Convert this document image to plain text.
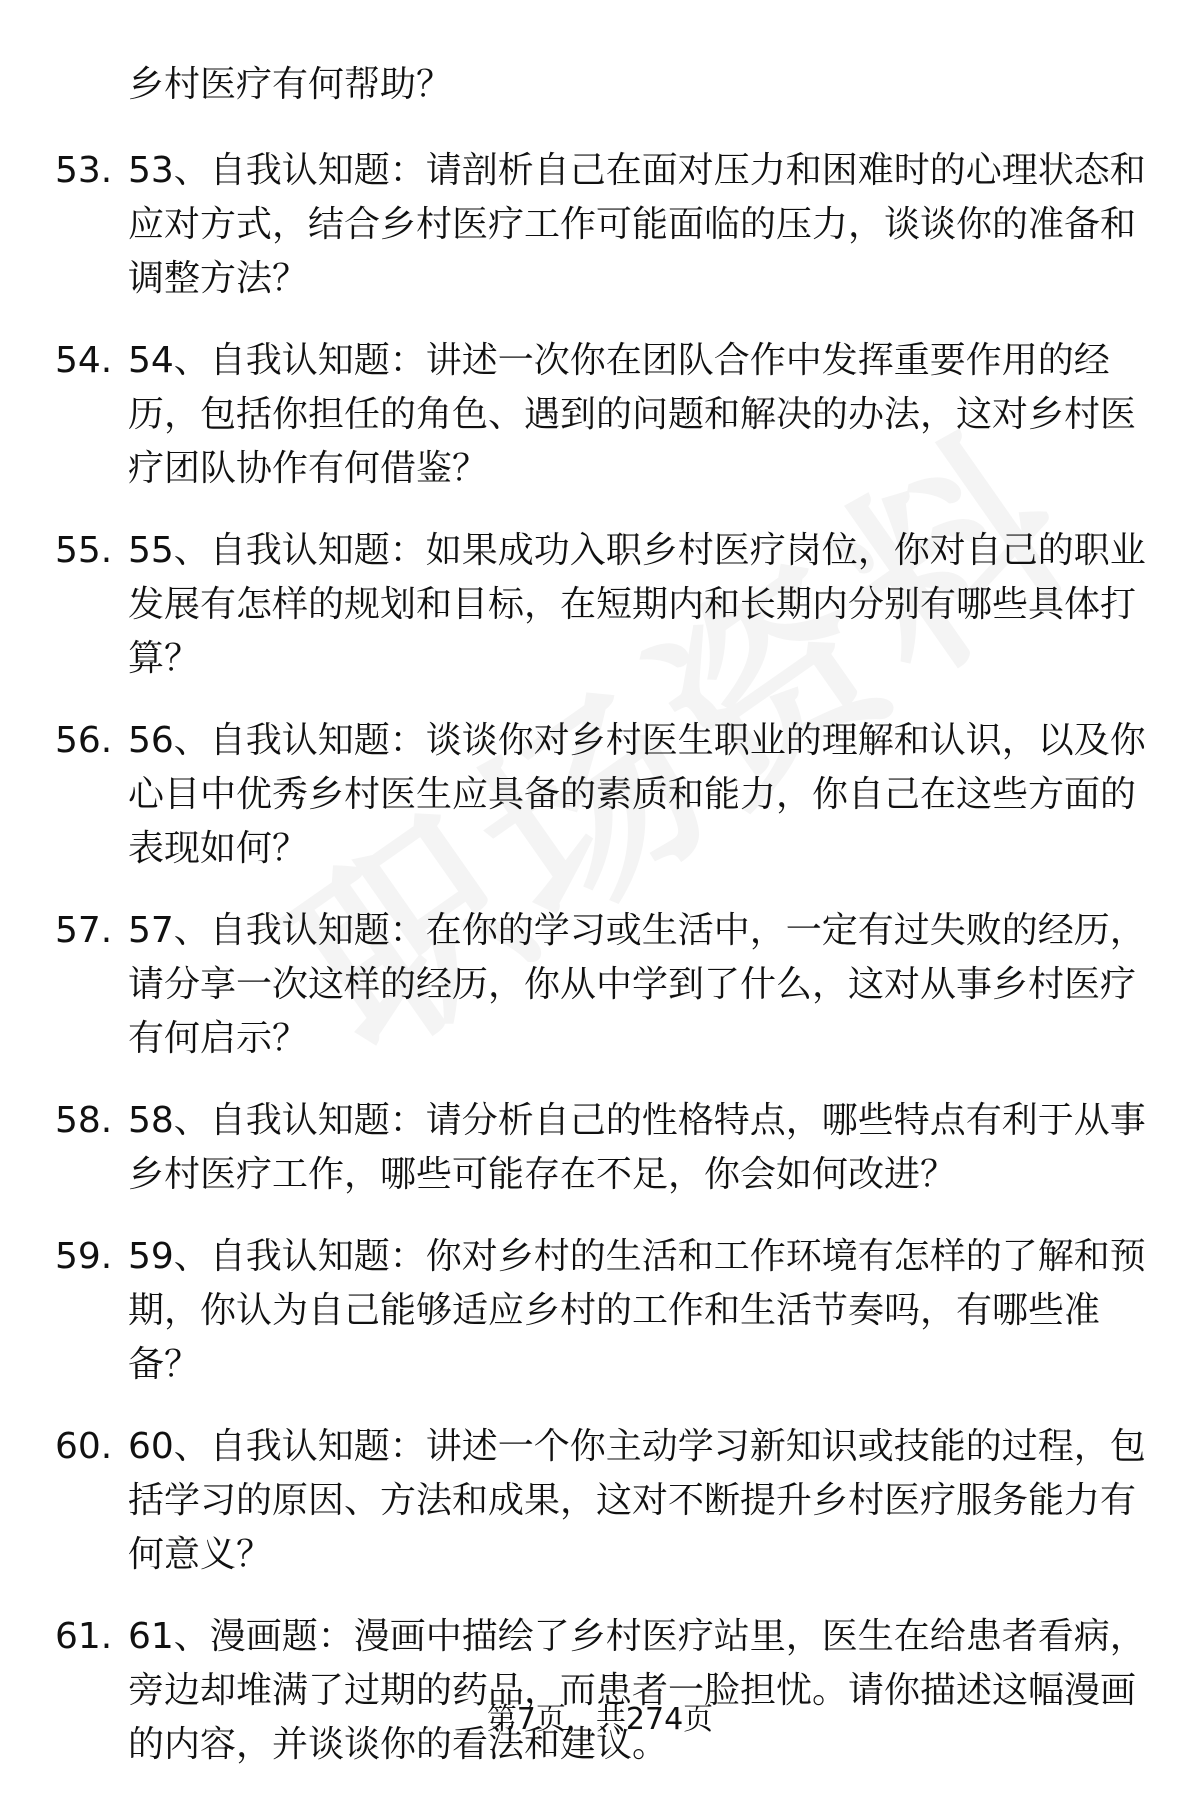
乡村医疗有何帮助？
53. 53、自我认知题：请剖析自己在面对压力和困难时的心理状态和应对方式，结合乡村医疗工作可能面临的压力，谈谈你的准备和调整方法？
54. 54、自我认知题：讲述一次你在团队合作中发挥重要作用的经历，包括你担任的角色、遇到的问题和解决的办法，这对乡村医疗团队协作有何借鉴？
55. 55、自我认知题：如果成功入职乡村医疗岗位，你对自己的职业发展有怎样的规划和目标，在短期内和长期内分别有哪些具体打算？
56. 56、自我认知题：谈谈你对乡村医生职业的理解和认识，以及你心目中优秀乡村医生应具备的素质和能力，你自己在这些方面的表现如何？
57. 57、自我认知题：在你的学习或生活中，一定有过失败的经历，请分享一次这样的经历，你从中学到了什么，这对从事乡村医疗有何启示？
58. 58、自我认知题：请分析自己的性格特点，哪些特点有利于从事乡村医疗工作，哪些可能存在不足，你会如何改进？
59. 59、自我认知题：你对乡村的生活和工作环境有怎样的了解和预期，你认为自己能够适应乡村的工作和生活节奏吗，有哪些准备？
60. 60、自我认知题：讲述一个你主动学习新知识或技能的过程，包括学习的原因、方法和成果，这对不断提升乡村医疗服务能力有何意义？
61. 61、漫画题：漫画中描绘了乡村医疗站里，医生在给患者看病，旁边却堆满了过期的药品，而患者一脸担忧。请你描述这幅漫画的内容，并谈谈你的看法和建议。
第7页，共274页
